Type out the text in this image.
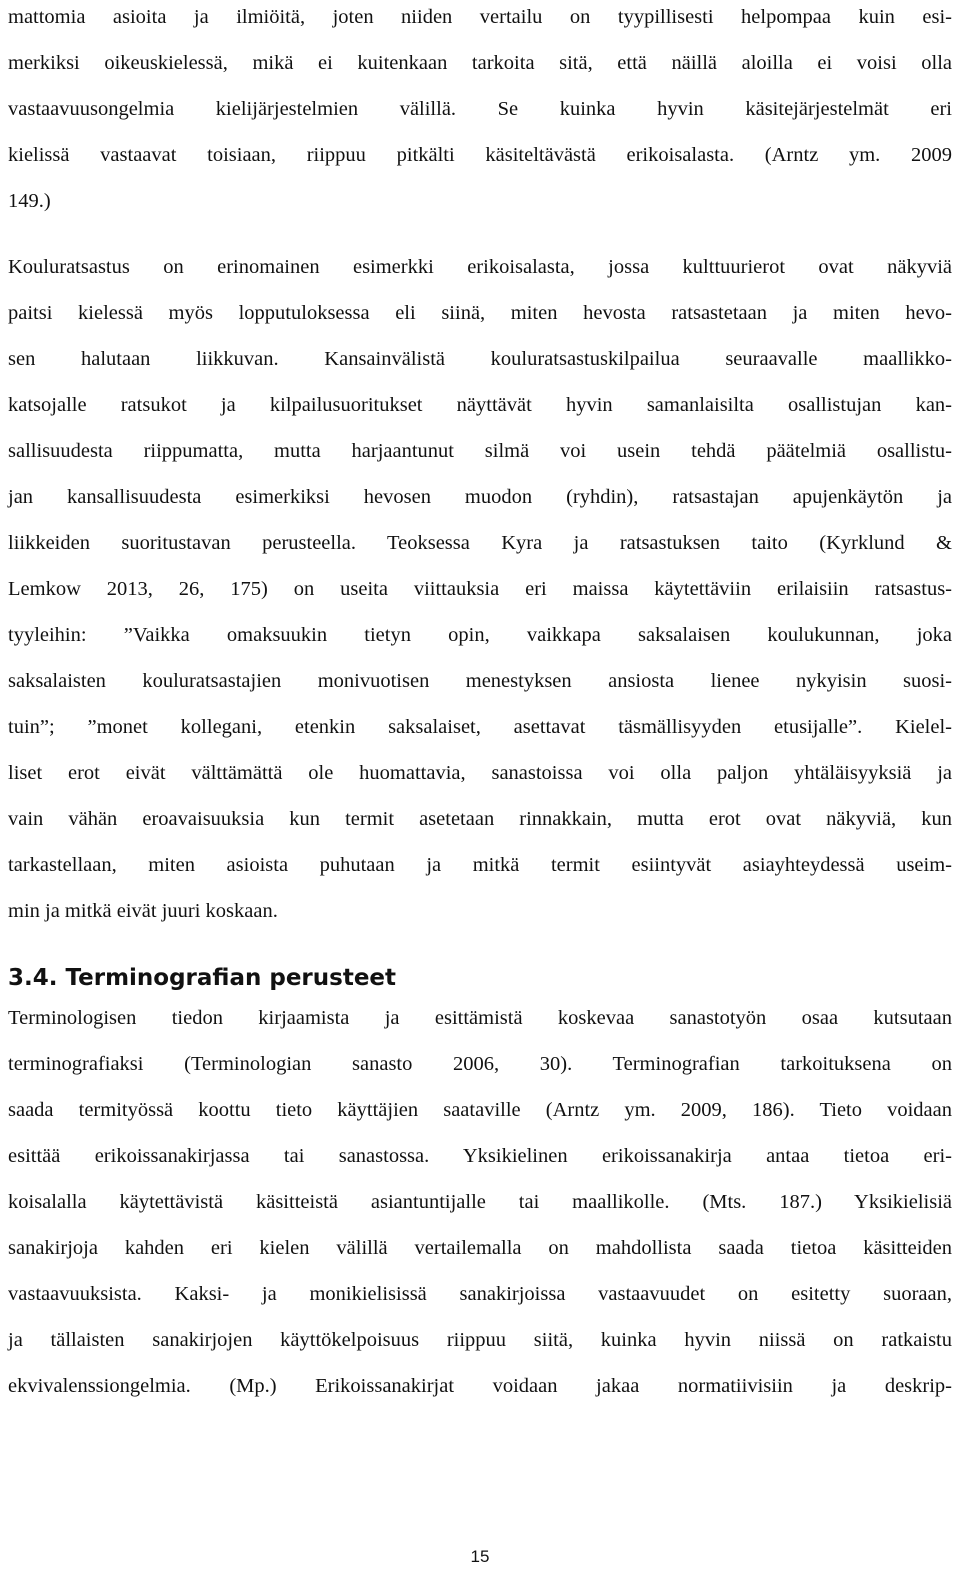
mattomia asioita ja ilmiöitä, joten niiden vertailu on tyypillisesti helpompaa kuin esi-
merkiksi oikeuskielessä, mikä ei kuitenkaan tarkoita sitä, että näillä aloilla ei voisi olla
vastaavuusongelmia kielijärjestelmien välillä. Se kuinka hyvin käsitejärjestelmät eri
kielissä vastaavat toisiaan, riippuu pitkälti käsiteltävästä erikoisalasta. (Arntz ym. 2009
149.)
Kouluratsastus on erinomainen esimerkki erikoisalasta, jossa kulttuurierot ovat näkyviä
paitsi kielessä myös lopputuloksessa eli siinä, miten hevosta ratsastetaan ja miten hevo-
sen halutaan liikkuvan. Kansainvälistä kouluratsastuskilpailua seuraavalle maallikko-
katsojalle ratsukot ja kilpailusuoritukset näyttävät hyvin samanlaisilta osallistujan kan-
sallisuudesta riippumatta, mutta harjaantunut silmä voi usein tehdä päätelmiä osallistu-
jan kansallisuudesta esimerkiksi hevosen muodon (ryhdin), ratsastajan apujenkäytön ja
liikkeiden suoritustavan perusteella. Teoksessa Kyra ja ratsastuksen taito (Kyrklund &
Lemkow 2013, 26, 175) on useita viittauksia eri maissa käytettäviin erilaisiin ratsastus-
tyyleihin: ”Vaikka omaksuukin tietyn opin, vaikkapa saksalaisen koulukunnan, joka
saksalaisten kouluratsastajien monivuotisen menestyksen ansiosta lienee nykyisin suosi-
tuin”; ”monet kollegani, etenkin saksalaiset, asettavat täsmällisyyden etusijalle”. Kielel-
liset erot eivät välttämättä ole huomattavia, sanastoissa voi olla paljon yhtäläisyyksiä ja
vain vähän eroavaisuuksia kun termit asetetaan rinnakkain, mutta erot ovat näkyviä, kun
tarkastellaan, miten asioista puhutaan ja mitkä termit esiintyvät asiayhteydessä useim-
min ja mitkä eivät juuri koskaan.
3.4. Terminografian perusteet
Terminologisen tiedon kirjaamista ja esittämistä koskevaa sanastotyön osaa kutsutaan
terminografiaksi (Terminologian sanasto 2006, 30). Terminografian tarkoituksena on
saada termityössä koottu tieto käyttäjien saataville (Arntz ym. 2009, 186). Tieto voidaan
esittää erikoissanakirjassa tai sanastossa. Yksikielinen erikoissanakirja antaa tietoa eri-
koisalalla käytettävistä käsitteistä asiantuntijalle tai maallikolle. (Mts. 187.) Yksikielisiä
sanakirjoja kahden eri kielen välillä vertailemalla on mahdollista saada tietoa käsitteiden
vastaavuuksista. Kaksi- ja monikielisissä sanakirjoissa vastaavuudet on esitetty suoraan,
ja tällaisten sanakirjojen käyttökelpoisuus riippuu siitä, kuinka hyvin niissä on ratkaistu
ekvivalenssiongelmia. (Mp.) Erikoissanakirjat voidaan jakaa normatiivisiin ja deskrip-
15
